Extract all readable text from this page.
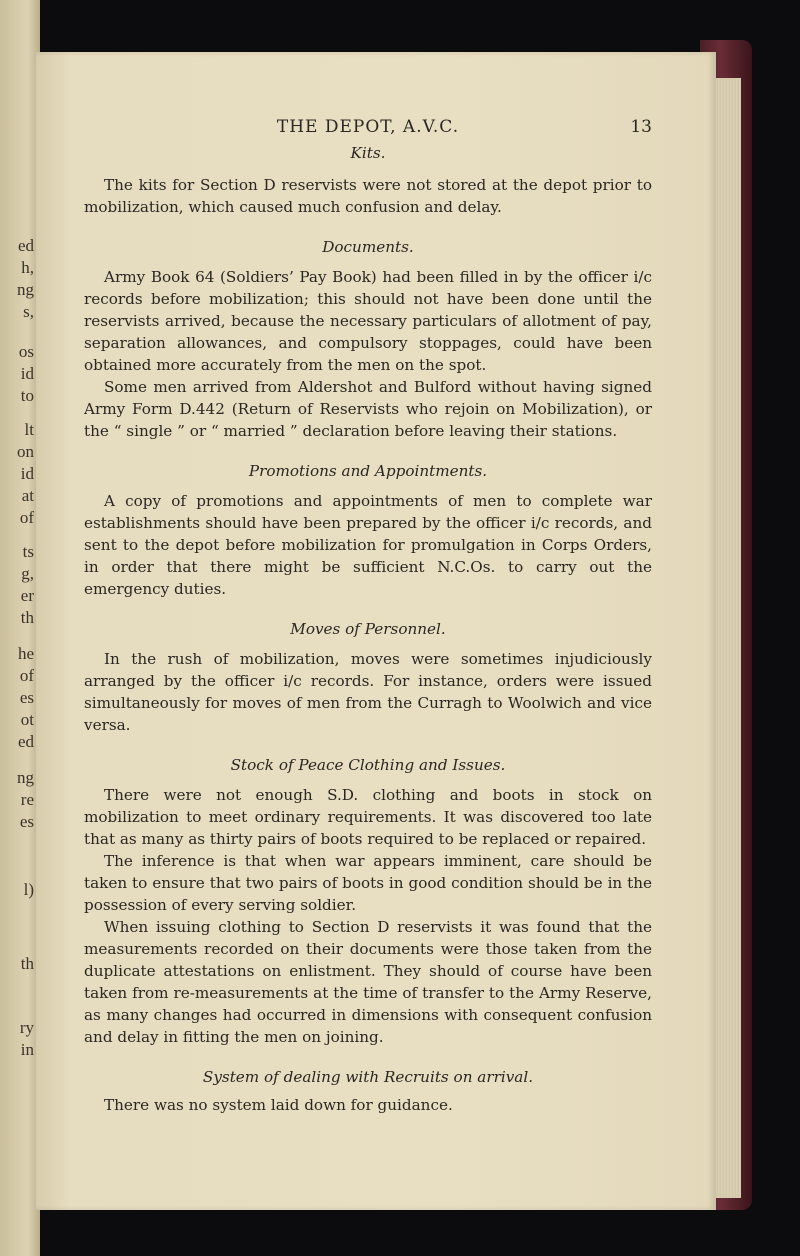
ed
h,
ng
s,
os
id
to
lt
on
id
at
of
ts
g,
er
th
he
of
es
ot
ed
ng
re
es
l)
th
ry
in
THE DEPOT, A.V.C.	13
Kits.

The kits for Section D reservists were not stored at the depot prior to mobilization, which caused much confusion and delay.

Documents.

Army Book 64 (Soldiers’ Pay Book) had been filled in by the officer i/c records before mobilization; this should not have been done until the reservists arrived, because the necessary particulars of allotment of pay, separation allowances, and compulsory stoppages, could have been obtained more accurately from the men on the spot.

Some men arrived from Aldershot and Bulford without having signed Army Form D.442 (Return of Reservists who rejoin on Mobilization), or the “ single ” or “ married ” declaration before leaving their stations.

Promotions and Appointments.

A copy of promotions and appointments of men to complete war establishments should have been prepared by the officer i/c records, and sent to the depot before mobilization for promulgation in Corps Orders, in order that there might be sufficient N.C.Os. to carry out the emergency duties.

Moves of Personnel.

In the rush of mobilization, moves were sometimes injudiciously arranged by the officer i/c records. For instance, orders were issued simultaneously for moves of men from the Curragh to Woolwich and vice versa.

Stock of Peace Clothing and Issues.

There were not enough S.D. clothing and boots in stock on mobilization to meet ordinary requirements. It was discovered too late that as many as thirty pairs of boots required to be replaced or repaired.

The inference is that when war appears imminent, care should be taken to ensure that two pairs of boots in good condition should be in the possession of every serving soldier.

When issuing clothing to Section D reservists it was found that the measurements recorded on their documents were those taken from the duplicate attestations on enlistment. They should of course have been taken from re-measurements at the time of transfer to the Army Reserve, as many changes had occurred in dimensions with consequent confusion and delay in fitting the men on joining.

System of dealing with Recruits on arrival.

There was no system laid down for guidance.
